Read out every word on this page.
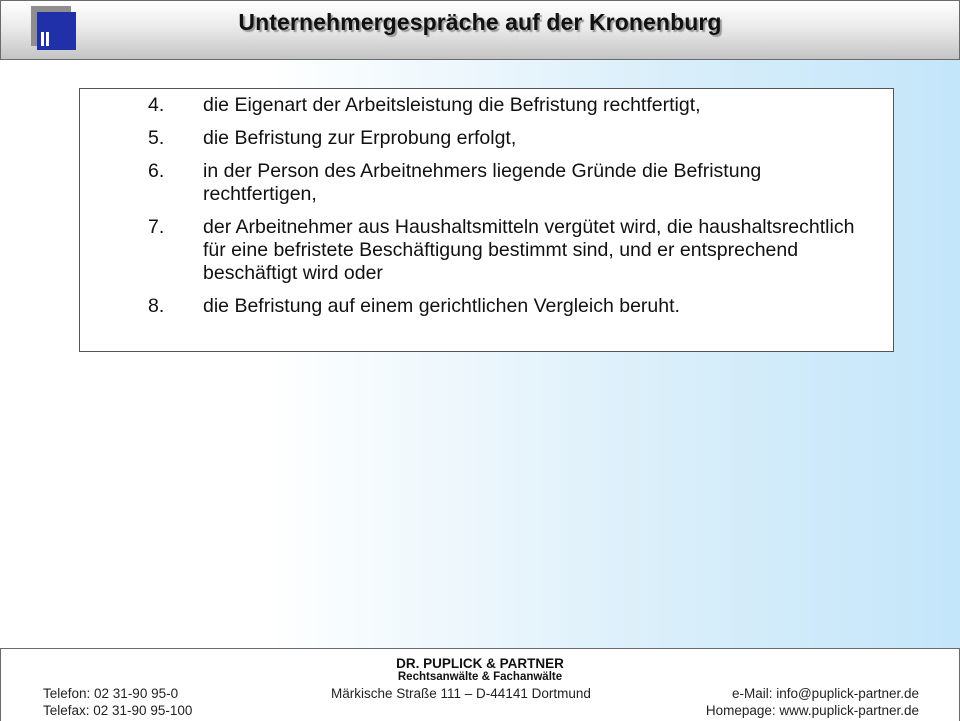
Unternehmergespräche auf der Kronenburg
4. die Eigenart der Arbeitsleistung die Befristung rechtfertigt,
5. die Befristung zur Erprobung erfolgt,
6. in der Person des Arbeitnehmers liegende Gründe die Befristung rechtfertigen,
7. der Arbeitnehmer aus Haushaltsmitteln vergütet wird, die haushaltsrechtlich für eine befristete Beschäftigung bestimmt sind, und er entsprechend beschäftigt wird oder
8. die Befristung auf einem gerichtlichen Vergleich beruht.
DR. PUPLICK & PARTNER
Rechtsanwälte & Fachanwälte
Telefon: 02 31-90 95-0
Telefax: 02 31-90 95-100
Märkische Straße 111 – D-44141 Dortmund	e-Mail: info@puplick-partner.de
Homepage: www.puplick-partner.de
